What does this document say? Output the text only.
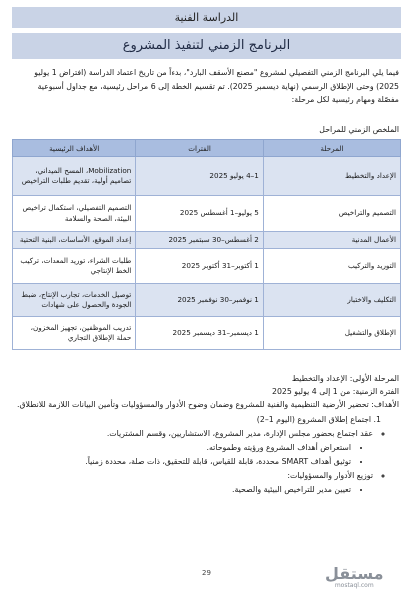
الدراسة الفنية
البرنامج الزمني لتنفيذ المشروع
فيما يلي البرنامج الزمني التفصيلي لمشروع "مصنع الأسقف البارد"، بدءاً من تاريخ اعتماد الدراسة (افتراض 1 يوليو 2025) وحتى الإطلاق الرسمي (نهاية ديسمبر 2025). تم تقسيم الخطة إلى 6 مراحل رئيسية، مع جداول أسبوعية مفصّلة ومهام رئيسية لكل مرحلة:
الملخص الزمني للمراحل
المرحلة	الفترات	الأهداف الرئيسية
الإعداد والتخطيط	1–4 يوليو 2025	Mobilization، المسح الميداني، تصاميم أولية، تقديم طلبات التراخيص
التصميم والتراخيص	5 يوليو–1 أغسطس 2025	التصميم التفصيلي، استكمال تراخيص البيئة، الصحة والسلامة
الأعمال المدنية	2 أغسطس–30 سبتمبر 2025	إعداد الموقع، الأساسات، البنية التحتية
التوريد والتركيب	1 أكتوبر–31 أكتوبر 2025	طلبات الشراء، توريد المعدات، تركيب الخط الإنتاجي
التكليف والاختبار	1 نوفمبر–30 نوفمبر 2025	توصيل الخدمات، تجارب الإنتاج، ضبط الجودة والحصول على شهادات
الإطلاق والتشغيل	1 ديسمبر–31 ديسمبر 2025	تدريب الموظفين، تجهيز المخزون، حملة الإطلاق التجاري

المرحلة الأولى: الإعداد والتخطيط

الفترة الزمنية: من 1 إلى 4 يوليو 2025

الأهداف: تحضير الأرضية التنظيمية والفنية للمشروع وضمان وضوح الأدوار والمسؤوليات وتأمين البيانات اللازمة للانطلاق.

1. اجتماع إطلاق المشروع (اليوم 1–2)

◦ عقد اجتماع بحضور مجلس الإدارة، مدير المشروع، الاستشاريين، وقسم المشتريات.
• استعراض أهداف المشروع ورؤيته وطموحاته.
• توثيق أهداف SMART محددة، قابلة للقياس، قابلة للتحقيق، ذات صلة، محددة زمنياً.
◦ توزيع الأدوار والمسؤوليات:
• تعيين مدير للتراخيص البيئية والصحية.
29	مستقل
mostaql.com
